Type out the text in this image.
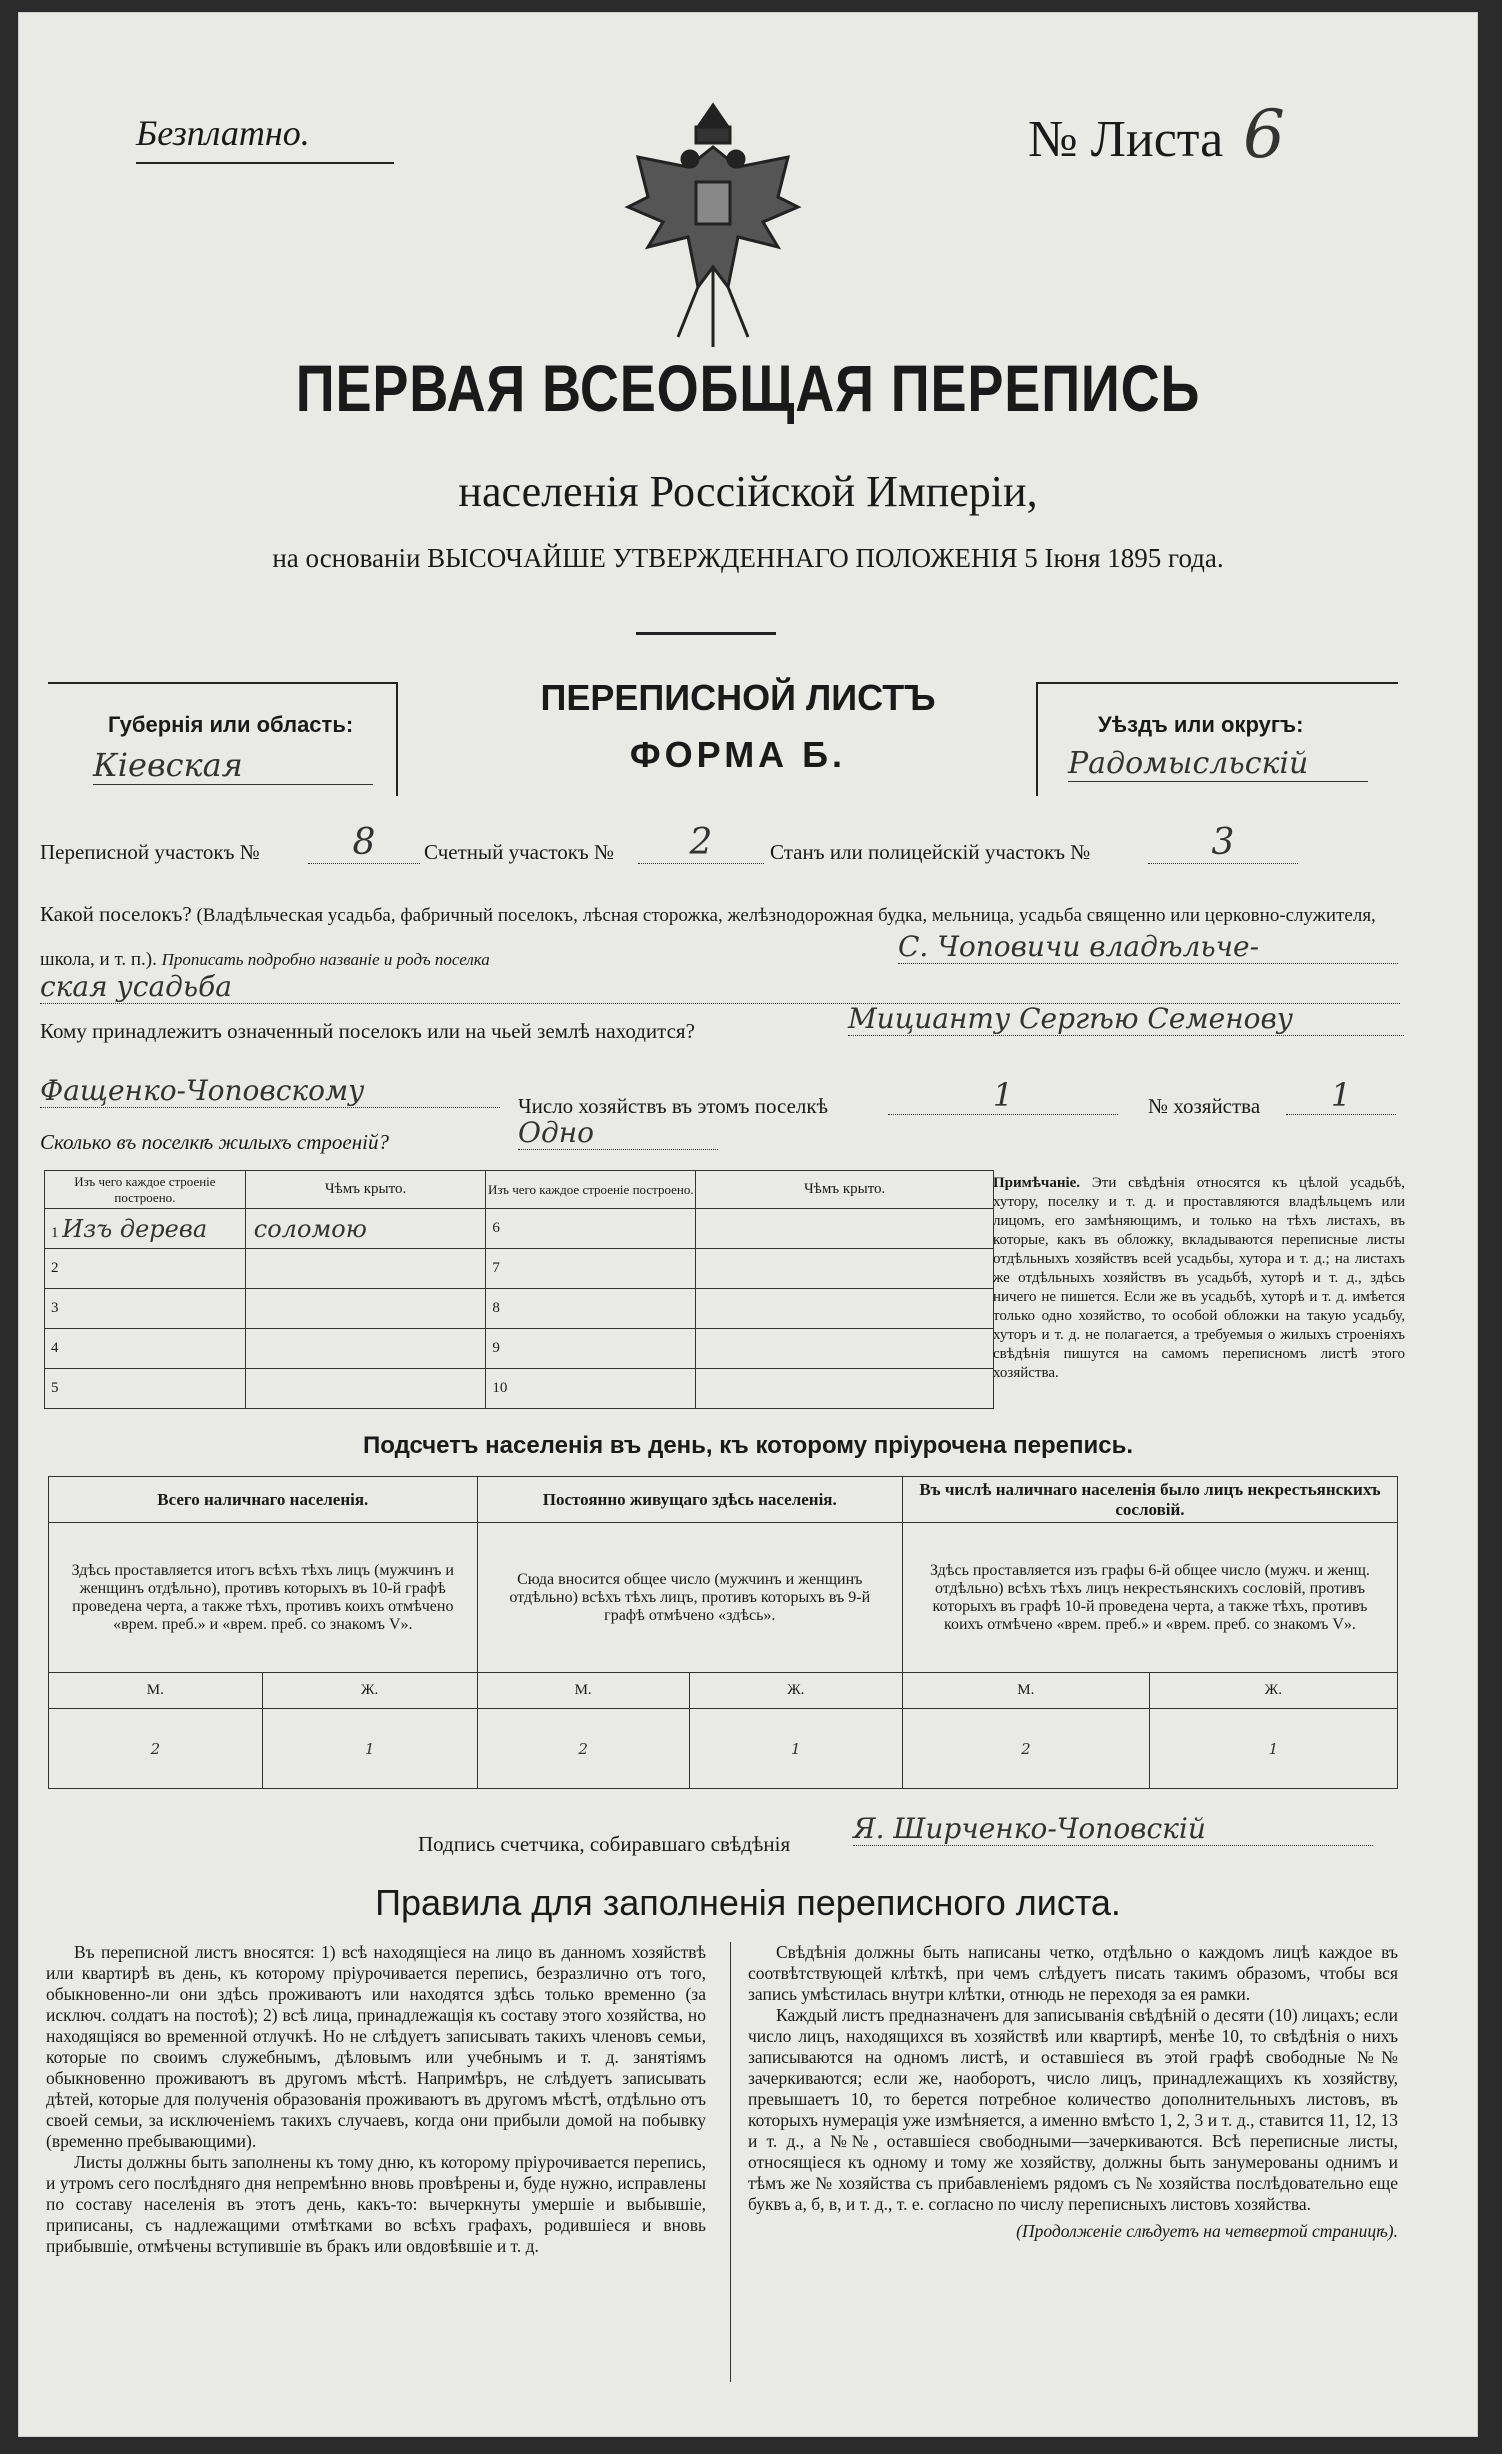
Безплатно.	№ Листа 6
ПЕРВАЯ ВСЕОБЩАЯ ПЕРЕПИСЬ
населенія Россійской Имперіи,
на основаніи ВЫСОЧАЙШЕ УТВЕРЖДЕННАГО ПОЛОЖЕНІЯ 5 Іюня 1895 года.
Губернія или область:
Кіевская
ПЕРЕПИСНОЙ ЛИСТЪ
ФОРМА Б.
Уѣздъ или округъ:
Радомысльскій
Переписной участокъ №	8	Счетный участокъ №	2	Станъ или полицейскій участокъ №	3
Какой поселокъ? (Владѣльческая усадьба, фабричный поселокъ, лѣсная сторожка, желѣзнодорожная будка, мельница, усадьба священно или церковно-служителя, школа, и т. п.). Прописать подробно названіе и родъ поселка	С. Чоповичи владѣльче-
ская усадьба
Кому принадлежитъ означенный поселокъ или на чьей землѣ находится?	Мицианту Сергѣю Семенову
Фащенко-Чоповскому	Число хозяйствъ въ этомъ поселкѣ	1	№ хозяйства	1
Сколько въ поселкѣ жилыхъ строеній?	Одно
Изъ чего каждое строеніе построено.	Чѣмъ крыто.	Изъ чего каждое строеніе построено.	Чѣмъ крыто.
1 Изъ дерева	соломою	6	
2		7	
3		8	
4		9	
5		10	
Примѣчаніе. Эти свѣдѣнія относятся къ цѣлой усадьбѣ, хутору, поселку и т. д. и проставляются владѣльцемъ или лицомъ, его замѣняющимъ, и только на тѣхъ листахъ, въ которые, какъ въ обложку, вкладываются переписные листы отдѣльныхъ хозяйствъ всей усадьбы, хутора и т. д.; на листахъ же отдѣльныхъ хозяйствъ въ усадьбѣ, хуторѣ и т. д., здѣсь ничего не пишется. Если же въ усадьбѣ, хуторѣ и т. д. имѣется только одно хозяйство, то особой обложки на такую усадьбу, хуторъ и т. д. не полагается, а требуемыя о жилыхъ строеніяхъ свѣдѣнія пишутся на самомъ переписномъ листѣ этого хозяйства.
Подсчетъ населенія въ день, къ которому пріурочена перепись.
Всего наличнаго населенія.		Постоянно живущаго здѣсь населенія.		Въ числѣ наличнаго населенія было лицъ некрестьянскихъ сословій.	
Здѣсь проставляется итогъ всѣхъ тѣхъ лицъ (мужчинъ и женщинъ отдѣльно), противъ которыхъ въ 10-й графѣ проведена черта, а также тѣхъ, противъ коихъ отмѣчено «врем. преб.» и «врем. преб. со знакомъ V».		Сюда вносится общее число (мужчинъ и женщинъ отдѣльно) всѣхъ тѣхъ лицъ, противъ которыхъ въ 9-й графѣ отмѣчено «здѣсь».		Здѣсь проставляется изъ графы 6-й общее число (мужч. и женщ. отдѣльно) всѣхъ тѣхъ лицъ некрестьянскихъ сословій, противъ которыхъ въ графѣ 10-й проведена черта, а также тѣхъ, противъ коихъ отмѣчено «врем. преб.» и «врем. преб. со знакомъ V».	
М.	Ж.	М.	Ж.	М.	Ж.
2	1	2	1	2	1
Подпись счетчика, собиравшаго свѣдѣнія Я. Ширченко-Чоповскій
Правила для заполненія переписного листа.

Въ переписной листъ вносятся: 1) всѣ находящіеся на лицо въ данномъ хозяйствѣ или квартирѣ въ день, къ которому пріурочивается перепись, безразлично отъ того, обыкновенно-ли они здѣсь проживаютъ или находятся здѣсь только временно (за исключ. солдатъ на постоѣ); 2) всѣ лица, принадлежащія къ составу этого хозяйства, но находящіяся во временной отлучкѣ. Но не слѣдуетъ записывать такихъ членовъ семьи, которые по своимъ служебнымъ, дѣловымъ или учебнымъ и т. д. занятіямъ обыкновенно проживаютъ въ другомъ мѣстѣ. Напримѣръ, не слѣдуетъ записывать дѣтей, которые для полученія образованія проживаютъ въ другомъ мѣстѣ, отдѣльно отъ своей семьи, за исключеніемъ такихъ случаевъ, когда они прибыли домой на побывку (временно пребывающими).

Листы должны быть заполнены къ тому дню, къ которому пріурочивается перепись, и утромъ сего послѣдняго дня непремѣнно вновь провѣрены и, буде нужно, исправлены по составу населенія въ этотъ день, какъ-то: вычеркнуты умершіе и выбывшіе, приписаны, съ надлежащими отмѣтками во всѣхъ графахъ, родившіеся и вновь прибывшіе, отмѣчены вступившіе въ бракъ или овдовѣвшіе и т. д.

Свѣдѣнія должны быть написаны четко, отдѣльно о каждомъ лицѣ каждое въ соотвѣтствующей клѣткѣ, при чемъ слѣдуетъ писать такимъ образомъ, чтобы вся запись умѣстилась внутри клѣтки, отнюдь не переходя за ея рамки.

Каждый листъ предназначенъ для записыванія свѣдѣній о десяти (10) лицахъ; если число лицъ, находящихся въ хозяйствѣ или квартирѣ, менѣе 10, то свѣдѣнія о нихъ записываются на одномъ листѣ, и оставшіеся въ этой графѣ свободные №№ зачеркиваются; если же, наоборотъ, число лицъ, принадлежащихъ къ хозяйству, превышаетъ 10, то берется потребное количество дополнительныхъ листовъ, въ которыхъ нумерація уже измѣняется, а именно вмѣсто 1, 2, 3 и т. д., ставится 11, 12, 13 и т. д., а №№, оставшіеся свободными—зачеркиваются. Всѣ переписные листы, относящіеся къ одному и тому же хозяйству, должны быть занумерованы однимъ и тѣмъ же № хозяйства съ прибавленіемъ рядомъ съ № хозяйства послѣдовательно еще буквъ а, б, в, и т. д., т. е. согласно по числу переписныхъ листовъ хозяйства.

(Продолженіе слѣдуетъ на четвертой страницѣ).
